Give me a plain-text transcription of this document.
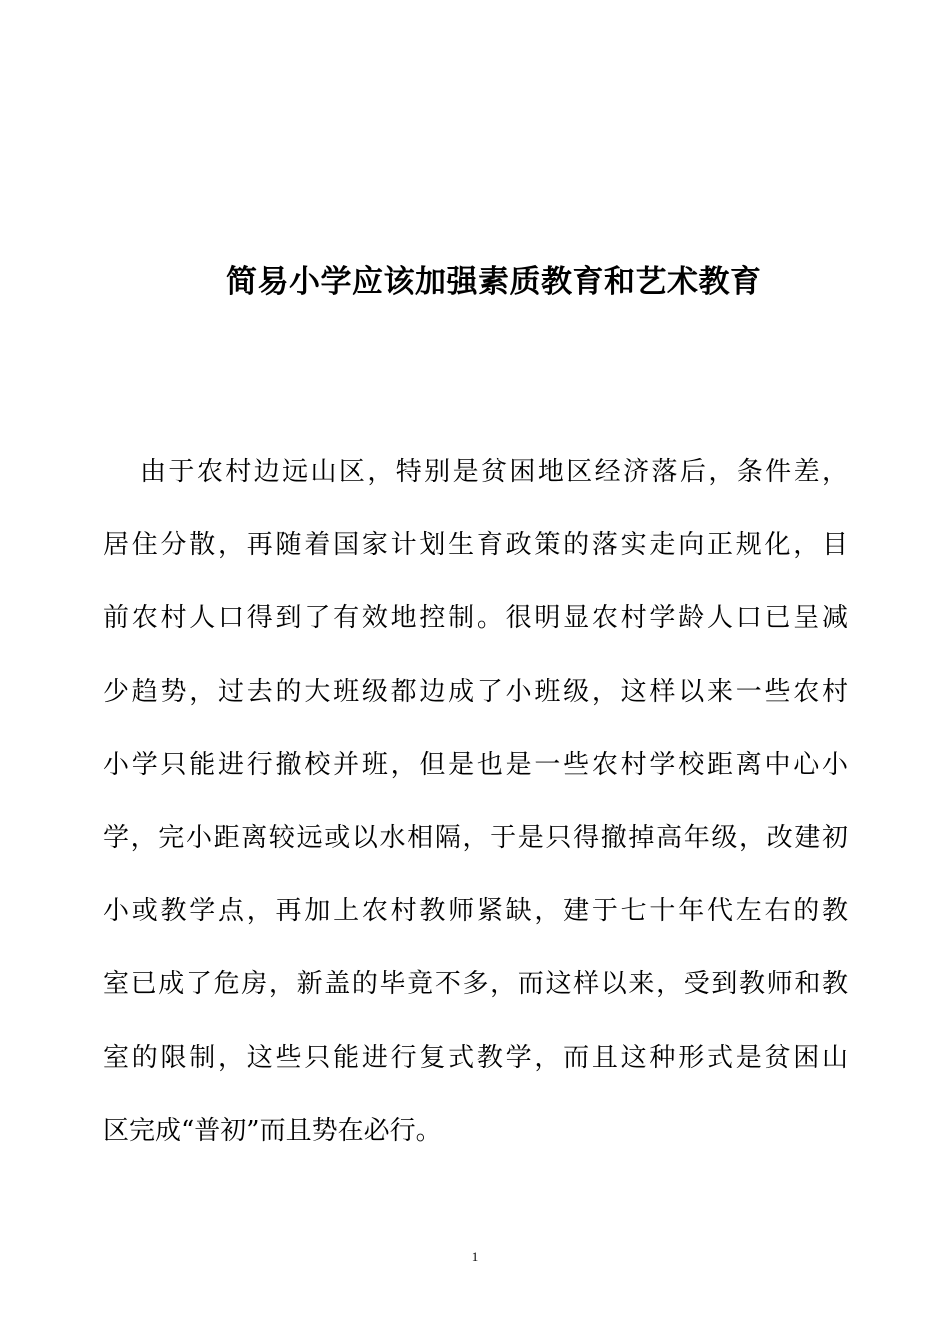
简易小学应该加强素质教育和艺术教育
由于农村边远山区，特别是贫困地区经济落后，条件差，
居住分散，再随着国家计划生育政策的落实走向正规化，目
前农村人口得到了有效地控制。很明显农村学龄人口已呈减
少趋势，过去的大班级都边成了小班级，这样以来一些农村
小学只能进行撤校并班，但是也是一些农村学校距离中心小
学，完小距离较远或以水相隔，于是只得撤掉高年级，改建初
小或教学点，再加上农村教师紧缺，建于七十年代左右的教
室已成了危房，新盖的毕竟不多，而这样以来，受到教师和教
室的限制，这些只能进行复式教学，而且这种形式是贫困山
区完成“普初”而且势在必行。
1
